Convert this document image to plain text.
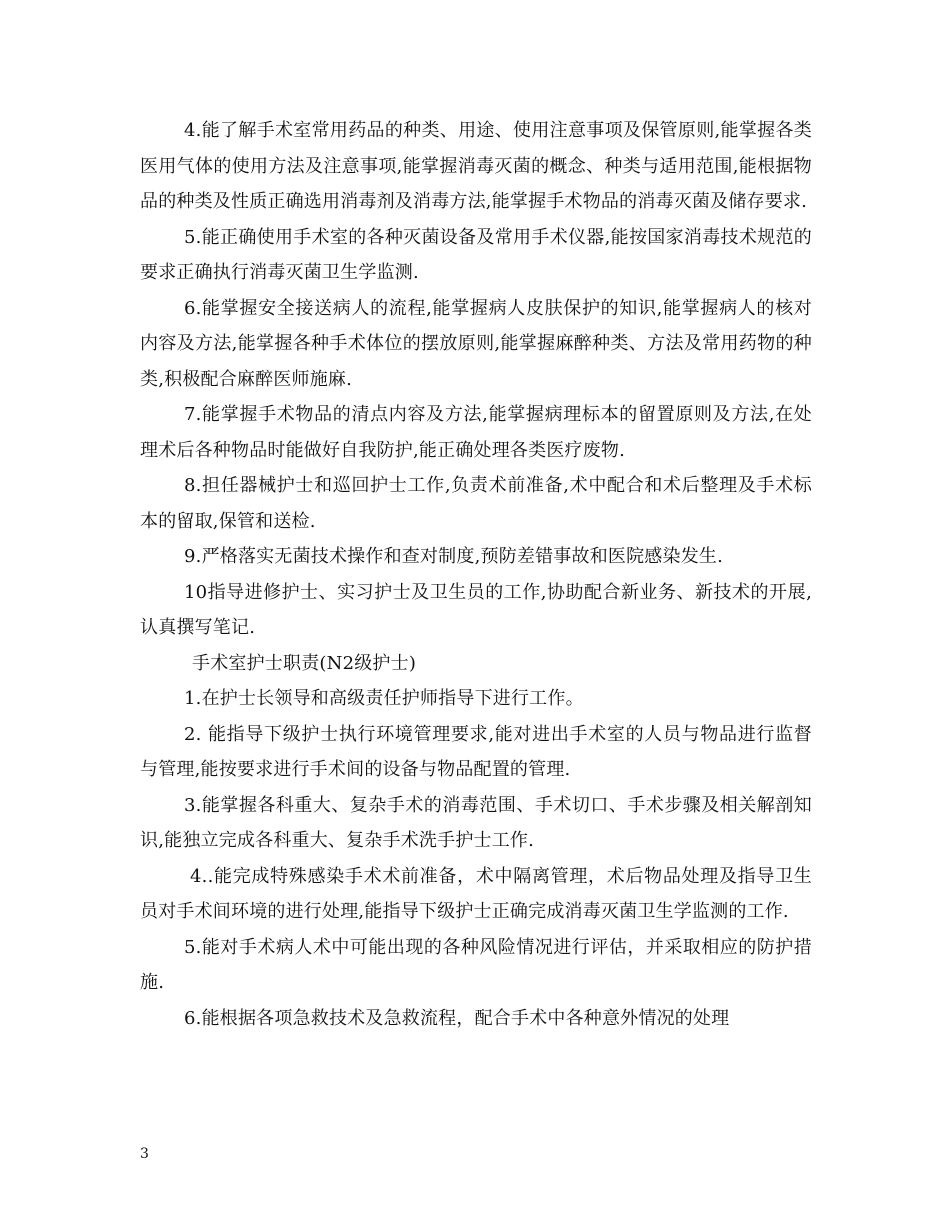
4.能了解手术室常用药品的种类、用途、使用注意事项及保管原则,能掌握各类医用气体的使用方法及注意事项,能掌握消毒灭菌的概念、种类与适用范围,能根据物品的种类及性质正确选用消毒剂及消毒方法,能掌握手术物品的消毒灭菌及储存要求.

5.能正确使用手术室的各种灭菌设备及常用手术仪器,能按国家消毒技术规范的要求正确执行消毒灭菌卫生学监测.

6.能掌握安全接送病人的流程,能掌握病人皮肤保护的知识,能掌握病人的核对内容及方法,能掌握各种手术体位的摆放原则,能掌握麻醉种类、方法及常用药物的种类,积极配合麻醉医师施麻.

7.能掌握手术物品的清点内容及方法,能掌握病理标本的留置原则及方法,在处理术后各种物品时能做好自我防护,能正确处理各类医疗废物.

8.担任器械护士和巡回护士工作,负责术前准备,术中配合和术后整理及手术标本的留取,保管和送检.

9.严格落实无菌技术操作和查对制度,预防差错事故和医院感染发生.

10指导进修护士、实习护士及卫生员的工作,协助配合新业务、新技术的开展,认真撰写笔记.

手术室护士职责(N2级护士)

1.在护士长领导和高级责任护师指导下进行工作。

2. 能指导下级护士执行环境管理要求,能对进出手术室的人员与物品进行监督与管理,能按要求进行手术间的设备与物品配置的管理.

3.能掌握各科重大、复杂手术的消毒范围、手术切口、手术步骤及相关解剖知识,能独立完成各科重大、复杂手术洗手护士工作.

4..能完成特殊感染手术术前准备，术中隔离管理，术后物品处理及指导卫生员对手术间环境的进行处理,能指导下级护士正确完成消毒灭菌卫生学监测的工作.

5.能对手术病人术中可能出现的各种风险情况进行评估，并采取相应的防护措施.

6.能根据各项急救技术及急救流程，配合手术中各种意外情况的处理

3
